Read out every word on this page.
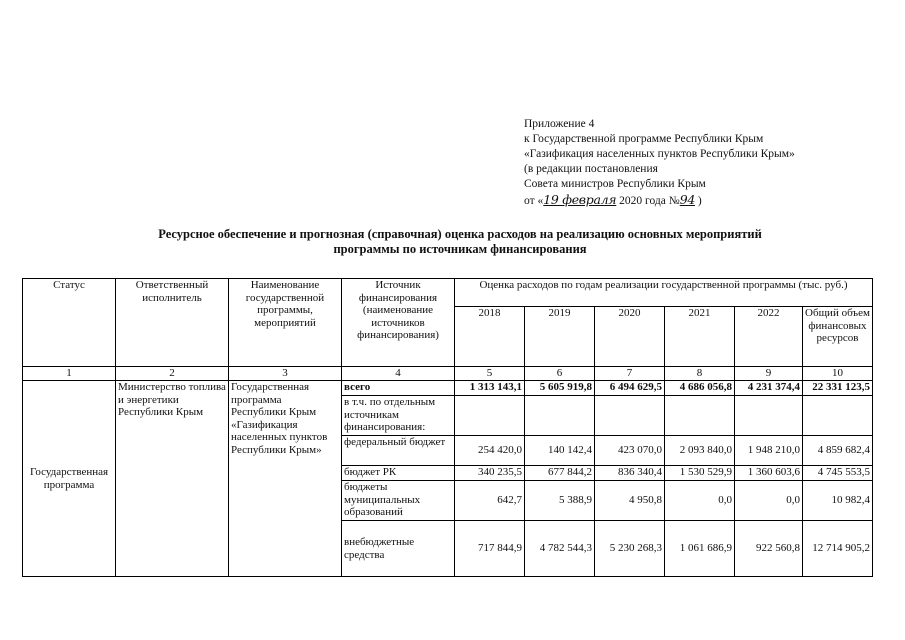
Приложение 4
к Государственной программе Республики Крым
«Газификация населенных пунктов Республики Крым»
(в редакции постановления
Совета министров Республики Крым
от «19 февраля 2020 года №94 )
Ресурсное обеспечение и прогнозная (справочная) оценка расходов на реализацию основных мероприятий
программы по источникам финансирования
Статус	Ответственный исполнитель	Наименование государственной программы, мероприятий	Источник финансирования (наименование источников финансирования)	Оценка расходов по годам реализации государственной программы (тыс. руб.)					
				2018	2019	2020	2021	2022	Общий объем финансовых ресурсов
1	2	3	4	5	6	7	8	9	10
Государственная программа	Министерство топлива и энергетики Республики Крым	Государственная программа Республики Крым «Газификация населенных пунктов Республики Крым»	всего	1 313 143,1	5 605 919,8	6 494 629,5	4 686 056,8	4 231 374,4	22 331 123,5
			в т.ч. по отдельным источникам финансирования:						
			федеральный бюджет	254 420,0	140 142,4	423 070,0	2 093 840,0	1 948 210,0	4 859 682,4
			бюджет РК	340 235,5	677 844,2	836 340,4	1 530 529,9	1 360 603,6	4 745 553,5
			бюджеты муниципальных образований	642,7	5 388,9	4 950,8	0,0	0,0	10 982,4
			внебюджетные средства	717 844,9	4 782 544,3	5 230 268,3	1 061 686,9	922 560,8	12 714 905,2
